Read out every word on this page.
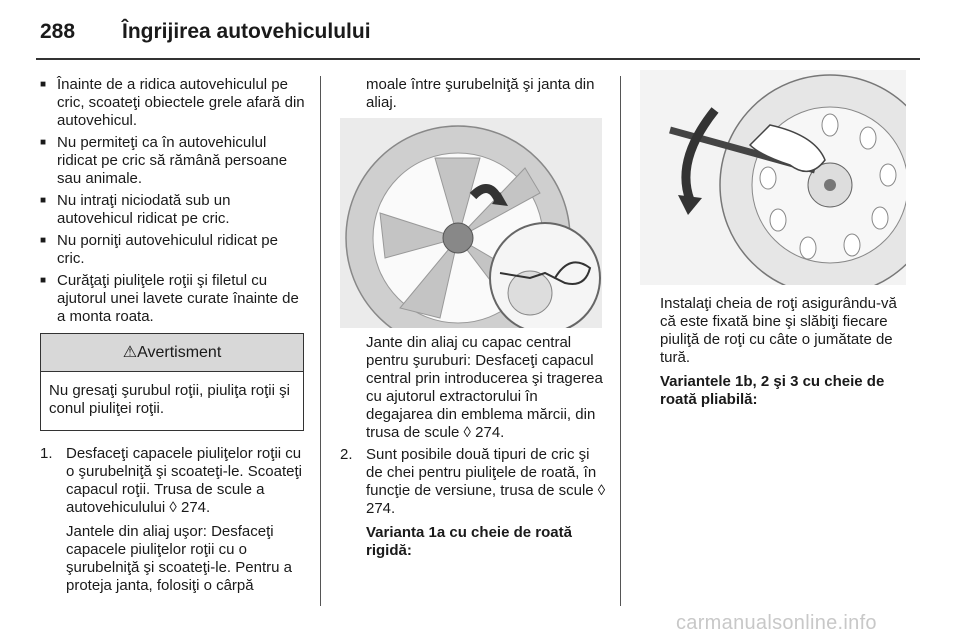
288 Îngrijirea autovehiculului
■ Înainte de a ridica autovehiculul pe cric, scoateţi obiectele grele afară din autovehicul.
■ Nu permiteţi ca în autovehiculul ridicat pe cric să rămână persoane sau animale.
■ Nu intraţi niciodată sub un autovehicul ridicat pe cric.
■ Nu porniţi autovehiculul ridicat pe cric.
■ Curăţaţi piuliţele roţii şi filetul cu ajutorul unei lavete curate înainte de a monta roata.
⚠ Avertisment
Nu gresaţi şurubul roţii, piuliţa roţii şi conul piuliţei roţii.
1. Desfaceţi capacele piuliţelor roţii cu o şurubelniţă şi scoateţi-le. Scoateţi capacul roţii. Trusa de scule a autovehiculului ◊ 274.
Jantele din aliaj uşor: Desfaceţi capacele piuliţelor roţii cu o şurubelniţă şi scoateţi-le. Pentru a proteja janta, folosiţi o cârpă
moale între şurubelniţă şi janta din aliaj.
Jante din aliaj cu capac central pentru şuruburi: Desfaceţi capacul central prin introducerea şi tragerea cu ajutorul extractorului în degajarea din emblema mărcii, din trusa de scule ◊ 274.
2. Sunt posibile două tipuri de cric şi de chei pentru piuliţele de roată, în funcţie de versiune, trusa de scule ◊ 274.
Varianta 1a cu cheie de roată rigidă:
Instalaţi cheia de roţi asigurându-vă că este fixată bine şi slăbiţi fiecare piuliţă de roţi cu câte o jumătate de tură.
Variantele 1b, 2 şi 3 cu cheie de roată pliabilă:
carmanualsonline.info
